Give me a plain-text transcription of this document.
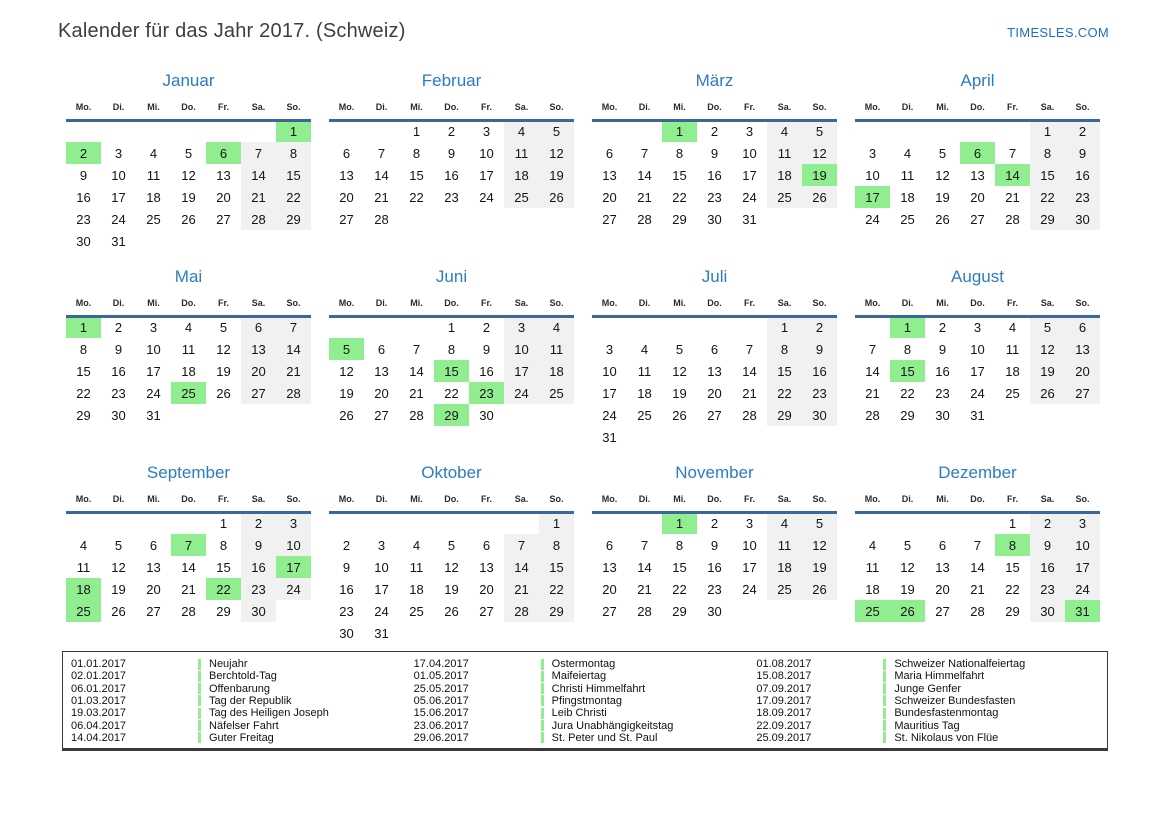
Kalender für das Jahr 2017. (Schweiz)	TIMESLES.COM
Januar
Mo.	Di.	Mi.	Do.	Fr.	Sa.	So.
						1
2	3	4	5	6	7	8
9	10	11	12	13	14	15
16	17	18	19	20	21	22
23	24	25	26	27	28	29
30	31					
Februar
Mo.	Di.	Mi.	Do.	Fr.	Sa.	So.
		1	2	3	4	5
6	7	8	9	10	11	12
13	14	15	16	17	18	19
20	21	22	23	24	25	26
27	28					
März
Mo.	Di.	Mi.	Do.	Fr.	Sa.	So.
		1	2	3	4	5
6	7	8	9	10	11	12
13	14	15	16	17	18	19
20	21	22	23	24	25	26
27	28	29	30	31		
April
Mo.	Di.	Mi.	Do.	Fr.	Sa.	So.
					1	2
3	4	5	6	7	8	9
10	11	12	13	14	15	16
17	18	19	20	21	22	23
24	25	26	27	28	29	30
Mai
Mo.	Di.	Mi.	Do.	Fr.	Sa.	So.
1	2	3	4	5	6	7
8	9	10	11	12	13	14
15	16	17	18	19	20	21
22	23	24	25	26	27	28
29	30	31				
Juni
Mo.	Di.	Mi.	Do.	Fr.	Sa.	So.
			1	2	3	4
5	6	7	8	9	10	11
12	13	14	15	16	17	18
19	20	21	22	23	24	25
26	27	28	29	30		
Juli
Mo.	Di.	Mi.	Do.	Fr.	Sa.	So.
					1	2
3	4	5	6	7	8	9
10	11	12	13	14	15	16
17	18	19	20	21	22	23
24	25	26	27	28	29	30
31						
August
Mo.	Di.	Mi.	Do.	Fr.	Sa.	So.
	1	2	3	4	5	6
7	8	9	10	11	12	13
14	15	16	17	18	19	20
21	22	23	24	25	26	27
28	29	30	31			
September
Mo.	Di.	Mi.	Do.	Fr.	Sa.	So.
				1	2	3
4	5	6	7	8	9	10
11	12	13	14	15	16	17
18	19	20	21	22	23	24
25	26	27	28	29	30	
Oktober
Mo.	Di.	Mi.	Do.	Fr.	Sa.	So.
						1
2	3	4	5	6	7	8
9	10	11	12	13	14	15
16	17	18	19	20	21	22
23	24	25	26	27	28	29
30	31					
November
Mo.	Di.	Mi.	Do.	Fr.	Sa.	So.
		1	2	3	4	5
6	7	8	9	10	11	12
13	14	15	16	17	18	19
20	21	22	23	24	25	26
27	28	29	30			
Dezember
Mo.	Di.	Mi.	Do.	Fr.	Sa.	So.
				1	2	3
4	5	6	7	8	9	10
11	12	13	14	15	16	17
18	19	20	21	22	23	24
25	26	27	28	29	30	31
01.01.2017	Neujahr
02.01.2017	Berchtold-Tag
06.01.2017	Offenbarung
01.03.2017	Tag der Republik
19.03.2017	Tag des Heiligen Joseph
06.04.2017	Näfelser Fahrt
14.04.2017	Guter Freitag
17.04.2017	Ostermontag
01.05.2017	Maifeiertag
25.05.2017	Christi Himmelfahrt
05.06.2017	Pfingstmontag
15.06.2017	Leib Christi
23.06.2017	Jura Unabhängigkeitstag
29.06.2017	St. Peter und St. Paul
01.08.2017	Schweizer Nationalfeiertag
15.08.2017	Maria Himmelfahrt
07.09.2017	Junge Genfer
17.09.2017	Schweizer Bundesfasten
18.09.2017	Bundesfastenmontag
22.09.2017	Mauritius Tag
25.09.2017	St. Nikolaus von Flüe
